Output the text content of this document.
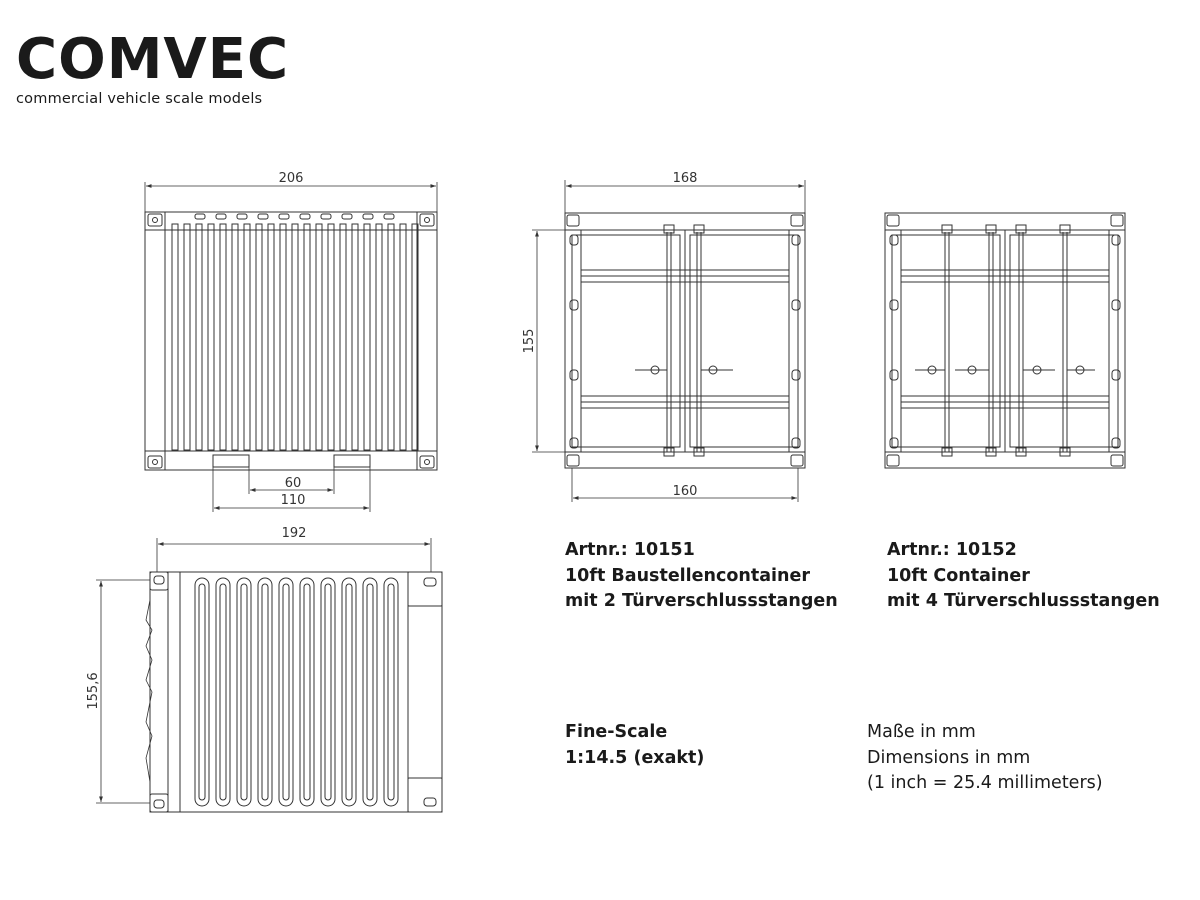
COMVEC
commercial vehicle scale models
206
60
110
168
155
160
192
155,6
Artnr.: 10151
10ft Baustellencontainer
mit 2 Türverschlussstangen
Artnr.: 10152
10ft Container
mit 4 Türverschlussstangen
Fine-Scale
1:14.5 (exakt)
Maße in mm
Dimensions in mm
(1 inch = 25.4 millimeters)
